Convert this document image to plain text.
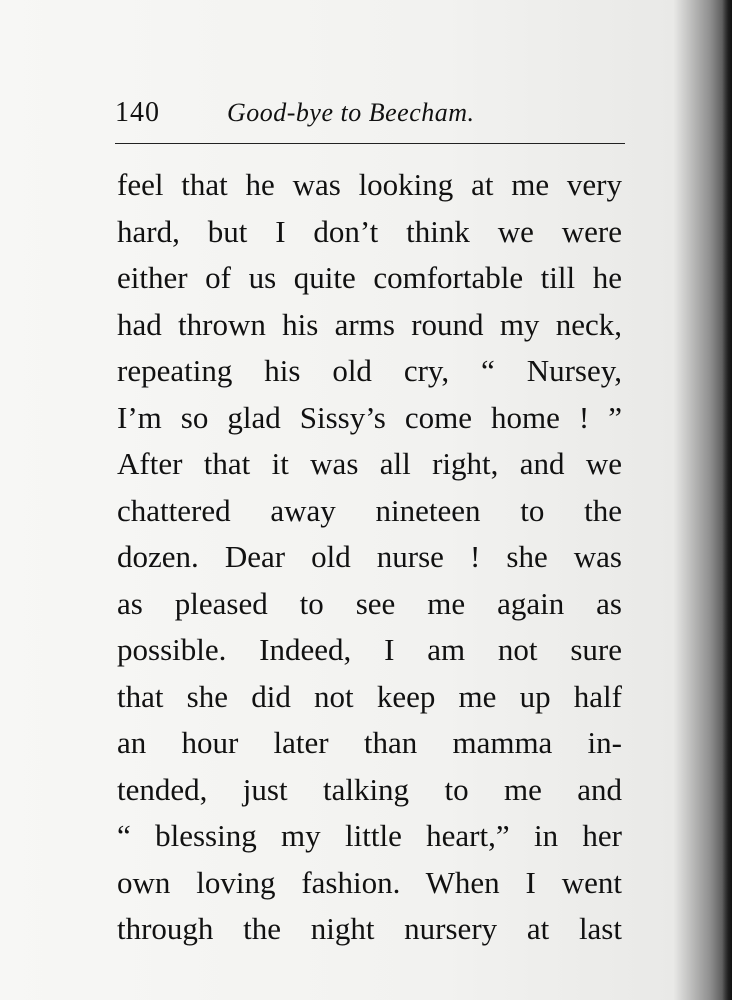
140	Good-bye to Beecham.
feel that he was looking at me very
hard, but I don’t think we were
either of us quite comfortable till he
had thrown his arms round my neck,
repeating his old cry, “ Nursey,
I’m so glad Sissy’s come home ! ”
After that it was all right, and we
chattered away nineteen to the
dozen. Dear old nurse ! she was
as pleased to see me again as
possible. Indeed, I am not sure
that she did not keep me up half
an hour later than mamma in-
tended, just talking to me and
“ blessing my little heart,” in her
own loving fashion. When I went
through the night nursery at last
